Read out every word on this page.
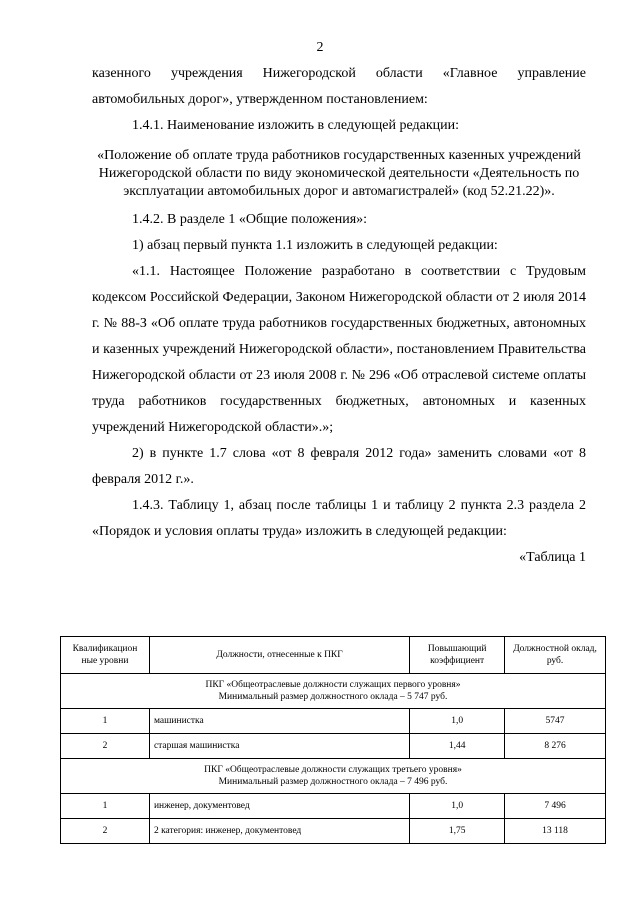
2

казенного учреждения Нижегородской области «Главное управление автомобильных дорог», утвержденном постановлением:

1.4.1. Наименование изложить в следующей редакции:

«Положение об оплате труда работников государственных казенных учреждений Нижегородской области по виду экономической деятельности «Деятельность по эксплуатации автомобильных дорог и автомагистралей» (код 52.21.22)».

1.4.2. В разделе 1 «Общие положения»:

1) абзац первый пункта 1.1 изложить в следующей редакции:

«1.1. Настоящее Положение разработано в соответствии с Трудовым кодексом Российской Федерации, Законом Нижегородской области от 2 июля 2014 г. № 88-З «Об оплате труда работников государственных бюджетных, автономных и казенных учреждений Нижегородской области», постановлением Правительства Нижегородской области от 23 июля 2008 г. № 296 «Об отраслевой системе оплаты труда работников государственных бюджетных, автономных и казенных учреждений Нижегородской области».»;

2) в пункте 1.7 слова «от 8 февраля 2012 года» заменить словами «от 8 февраля 2012 г.».

1.4.3. Таблицу 1, абзац после таблицы 1 и таблицу 2 пункта 2.3 раздела 2 «Порядок и условия оплаты труда» изложить в следующей редакции:

«Таблица 1

Квалификацион ные уровни	Должности, отнесенные к ПКГ	Повышающий коэффициент	Должностной оклад, руб.

ПКГ «Общеотраслевые должности служащих первого уровня»
Минимальный размер должностного оклада – 5 747 руб.			

1	машинистка	1,0	5747
2	старшая машинистка	1,44	8 276

ПКГ «Общеотраслевые должности служащих третьего уровня»
Минимальный размер должностного оклада – 7 496 руб.			

1	инженер, документовед	1,0	7 496
2	2 категория: инженер, документовед	1,75	13 118
